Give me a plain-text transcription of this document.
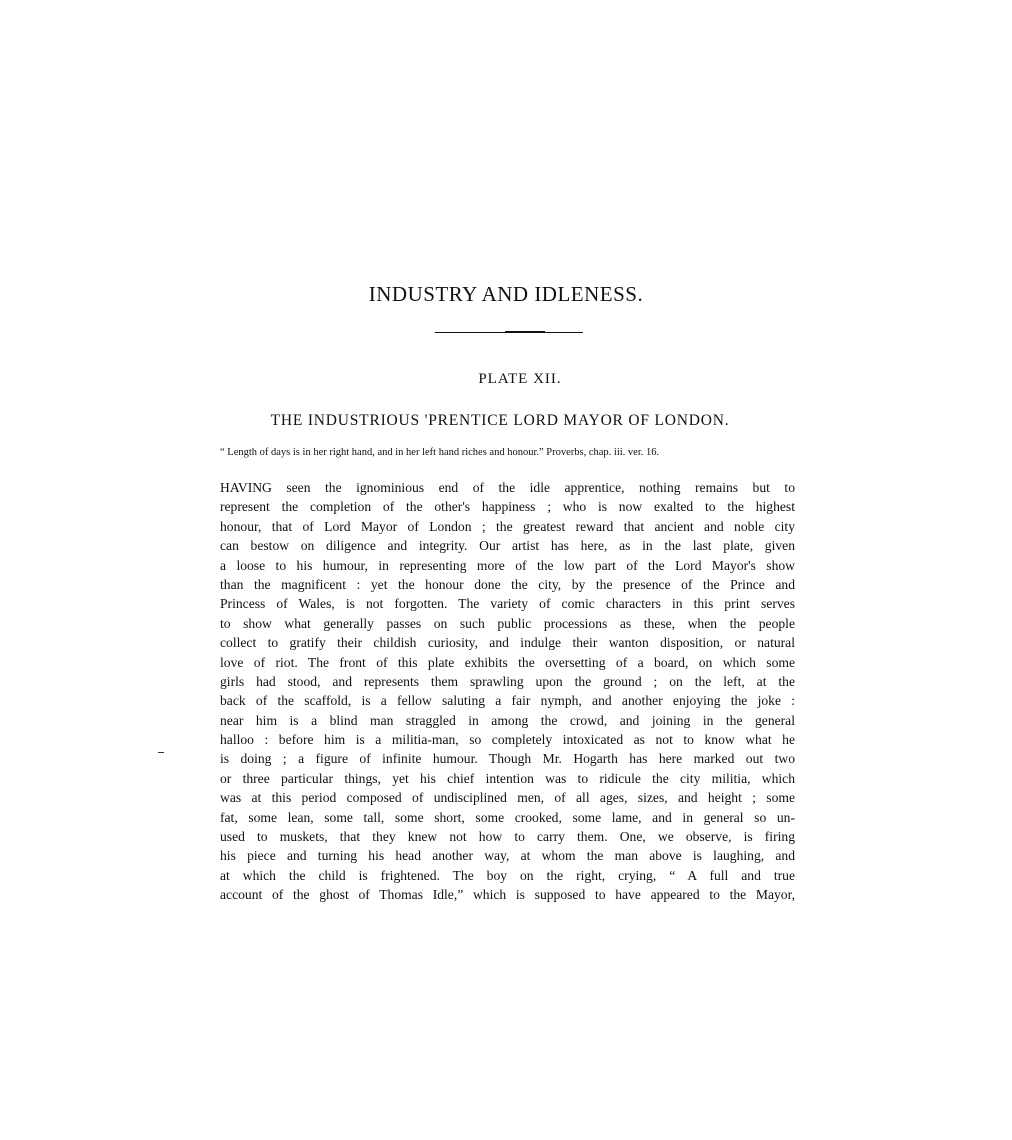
INDUSTRY AND IDLENESS.
PLATE XII.
THE INDUSTRIOUS 'PRENTICE LORD MAYOR OF LONDON.

“ Length of days is in her right hand, and in her left hand riches and honour.” Proverbs, chap. iii. ver. 16.

HAVING seen the ignominious end of the idle apprentice, nothing remains but to
represent the completion of the other's happiness ; who is now exalted to the highest
honour, that of Lord Mayor of London ; the greatest reward that ancient and noble city
can bestow on diligence and integrity. Our artist has here, as in the last plate, given
a loose to his humour, in representing more of the low part of the Lord Mayor's show
than the magnificent : yet the honour done the city, by the presence of the Prince and
Princess of Wales, is not forgotten. The variety of comic characters in this print serves
to show what generally passes on such public processions as these, when the people
collect to gratify their childish curiosity, and indulge their wanton disposition, or natural
love of riot. The front of this plate exhibits the oversetting of a board, on which some
girls had stood, and represents them sprawling upon the ground ; on the left, at the
back of the scaffold, is a fellow saluting a fair nymph, and another enjoying the joke :
near him is a blind man straggled in among the crowd, and joining in the general
halloo : before him is a militia-man, so completely intoxicated as not to know what he
is doing ; a figure of infinite humour. Though Mr. Hogarth has here marked out two
or three particular things, yet his chief intention was to ridicule the city militia, which
was at this period composed of undisciplined men, of all ages, sizes, and height ; some
fat, some lean, some tall, some short, some crooked, some lame, and in general so un-
used to muskets, that they knew not how to carry them. One, we observe, is firing
his piece and turning his head another way, at whom the man above is laughing, and
at which the child is frightened. The boy on the right, crying, “ A full and true
account of the ghost of Thomas Idle,” which is supposed to have appeared to the Mayor,
